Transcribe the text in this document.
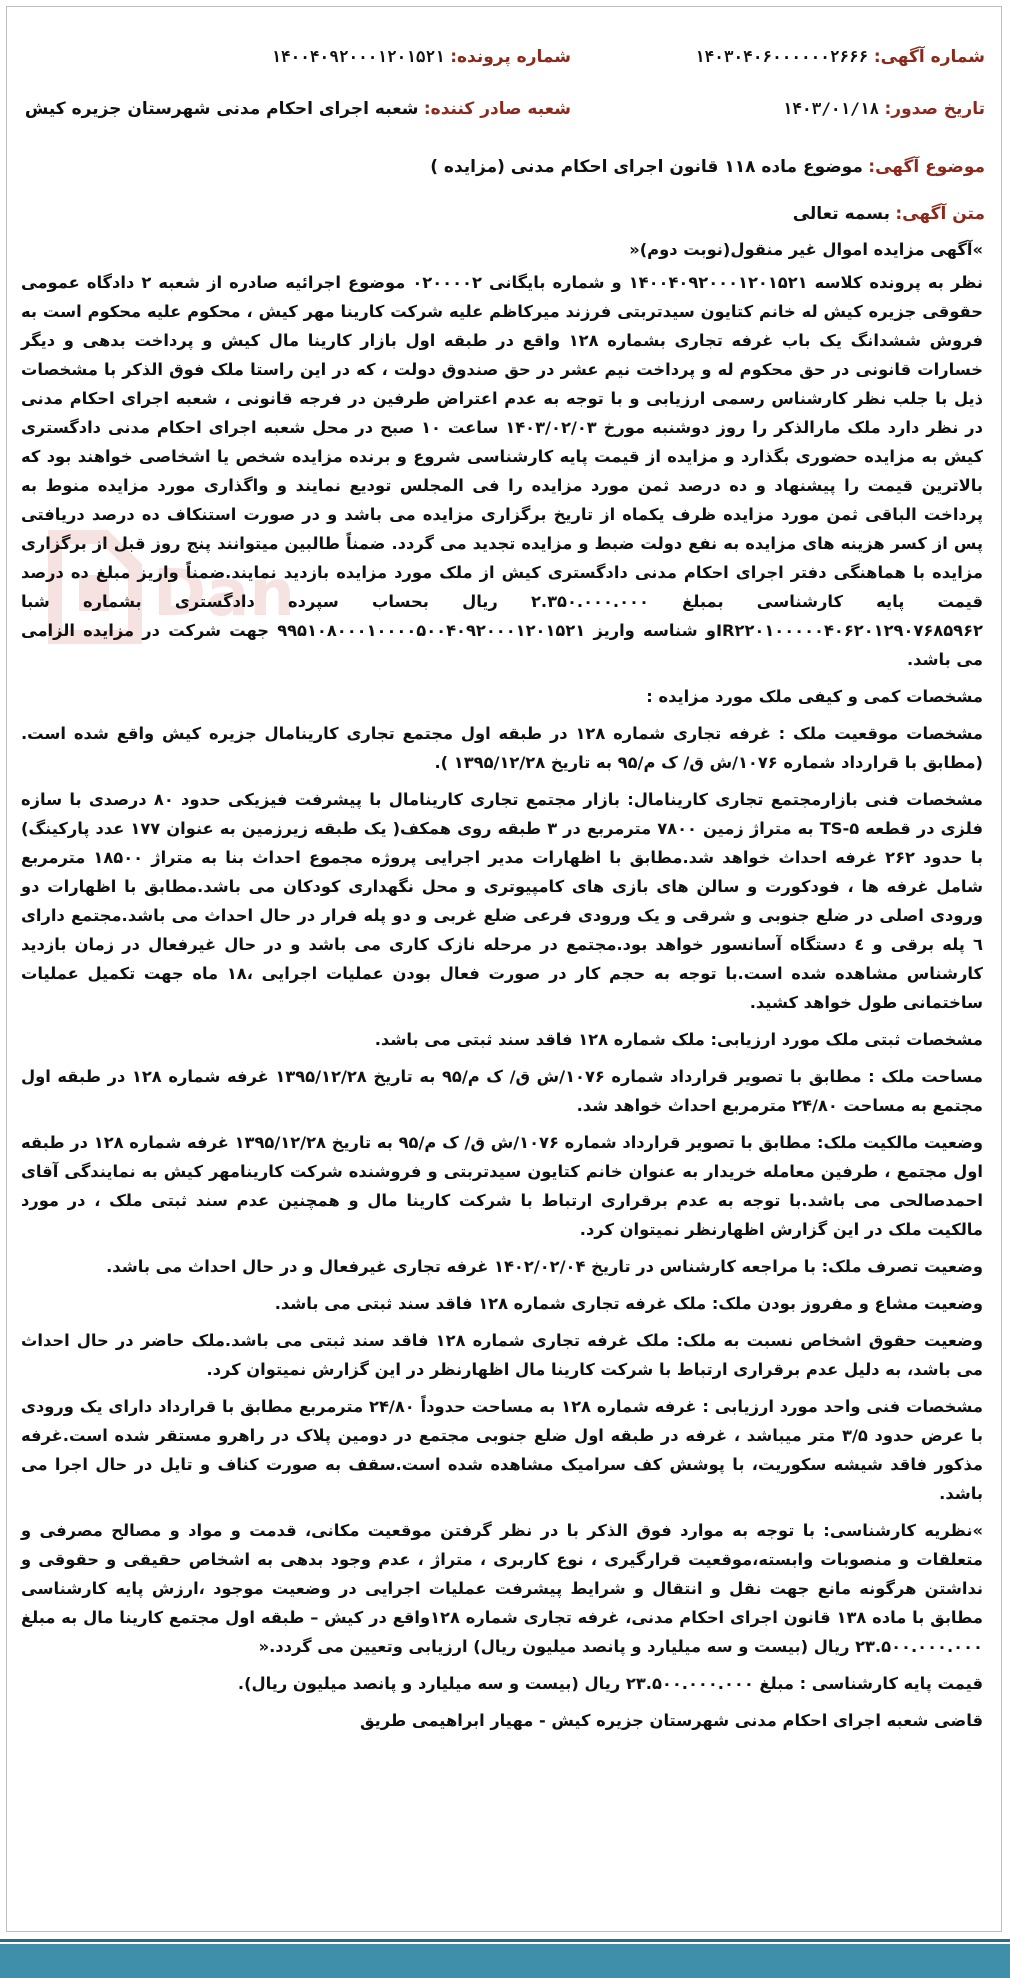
Dan
شماره آگهی: ۱۴۰۳۰۴۰۶۰۰۰۰۰۰۲۶۶۶
شماره پرونده: ۱۴۰۰۴۰۹۲۰۰۰۱۲۰۱۵۲۱
تاریخ صدور: ۱۴۰۳/۰۱/۱۸
شعبه صادر کننده: شعبه اجرای احکام مدنی شهرستان جزیره کیش
موضوع آگهی: موضوع ماده ۱۱۸ قانون اجرای احکام مدنی (مزایده )
متن آگهی: بسمه تعالی

»آگهی مزایده اموال غیر منقول(نوبت دوم)«

نظر به پرونده کلاسه ۱۴۰۰۴۰۹۲۰۰۰۱۲۰۱۵۲۱ و شماره بایگانی ۰۲۰۰۰۰۲ موضوع اجرائیه صادره از شعبه ۲ دادگاه عمومی حقوقی جزیره کیش له خانم کتایون سیدتربتی فرزند میرکاظم علیه شرکت کارینا مهر کیش ، محکوم علیه محکوم است به فروش ششدانگ یک باب غرفه تجاری بشماره ۱۲۸ واقع در طبقه اول بازار کارینا مال کیش و پرداخت بدهی و دیگر خسارات قانونی در حق محکوم له و پرداخت نیم عشر در حق صندوق دولت ، که در این راستا ملک فوق الذکر با مشخصات ذیل با جلب نظر کارشناس رسمی ارزیابی و با توجه به عدم اعتراض طرفین در فرجه قانونی ، شعبه اجرای احکام مدنی در نظر دارد ملک مارالذکر را روز دوشنبه مورخ ۱۴۰۳/۰۲/۰۳ ساعت ۱۰ صبح در محل شعبه اجرای احکام مدنی دادگستری کیش به مزایده حضوری بگذارد و مزایده از قیمت پایه کارشناسی شروع و برنده مزایده شخص یا اشخاصی خواهند بود که بالاترین قیمت را پیشنهاد و ده درصد ثمن مورد مزایده را فی المجلس تودیع نمایند و واگذاری مورد مزایده منوط به پرداخت الباقی ثمن مورد مزایده ظرف یکماه از تاریخ برگزاری مزایده می باشد و در صورت استنکاف ده درصد دریافتی پس از کسر هزینه های مزایده به نفع دولت ضبط و مزایده تجدید می گردد. ضمناً طالبین میتوانند پنج روز قبل از برگزاری مزایده با هماهنگی دفتر اجرای احکام مدنی دادگستری کیش از ملک مورد مزایده بازدید نمایند.ضمناً واریز مبلغ ده درصد قیمت پایه کارشناسی بمبلغ ۲.۳۵۰.۰۰۰.۰۰۰ ریال بحساب سپرده دادگستری بشماره شبا IR۲۲۰۱۰۰۰۰۰۴۰۶۲۰۱۲۹۰۷۶۸۵۹۶۲و شناسه واریز ۹۹۵۱۰۸۰۰۰۱۰۰۰۰۵۰۰۴۰۹۲۰۰۰۱۲۰۱۵۲۱ جهت شرکت در مزایده الزامی می باشد.

مشخصات کمی و کیفی ملک مورد مزایده :

مشخصات موقعیت ملک : غرفه تجاری شماره ۱۲۸ در طبقه اول مجتمع تجاری کارینامال جزیره کیش واقع شده است.(مطابق با قرارداد شماره ۱۰۷۶/ش ق/ ک م/۹۵ به تاریخ ۱۳۹۵/۱۲/۲۸ ).

مشخصات فنی بازارمجتمع تجاری کارینامال: بازار مجتمع تجاری کارینامال با پیشرفت فیزیکی حدود ۸۰ درصدی با سازه فلزی در قطعه TS-۵ به متراژ زمین ۷۸۰۰ مترمربع در ۳ طبقه روی همکف( یک طبقه زیرزمین به عنوان ۱۷۷ عدد پارکینگ) با حدود ۲۶۲ غرفه احداث خواهد شد.مطابق با اظهارات مدیر اجرایی پروژه مجموع احداث بنا به متراژ ۱۸۵۰۰ مترمربع شامل غرفه ها ، فودکورت و سالن های بازی های کامپیوتری و محل نگهداری کودکان می باشد.مطابق با اظهارات دو ورودی اصلی در ضلع جنوبی و شرقی و یک ورودی فرعی ضلع غربی و دو پله فرار در حال احداث می باشد.مجتمع دارای ٦ پله برقی و ٤ دستگاه آسانسور خواهد بود.مجتمع در مرحله نازک کاری می باشد و در حال غیرفعال در زمان بازدید کارشناس مشاهده شده است.با توجه به حجم کار در صورت فعال بودن عملیات اجرایی ،۱۸ ماه جهت تکمیل عملیات ساختمانی طول خواهد کشید.

مشخصات ثبتی ملک مورد ارزیابی: ملک شماره ۱۲۸ فاقد سند ثبتی می باشد.

مساحت ملک : مطابق با تصویر قرارداد شماره ۱۰۷۶/ش ق/ ک م/۹۵ به تاریخ ۱۳۹۵/۱۲/۲۸ غرفه شماره ۱۲۸ در طبقه اول مجتمع به مساحت ۲۴/۸۰ مترمربع احداث خواهد شد.

وضعیت مالکیت ملک: مطابق با تصویر قرارداد شماره ۱۰۷۶/ش ق/ ک م/۹۵ به تاریخ ۱۳۹۵/۱۲/۲۸ غرفه شماره ۱۲۸ در طبقه اول مجتمع ، طرفین معامله خریدار به عنوان خانم کتایون سیدتربتی و فروشنده شرکت کارینامهر کیش به نمایندگی آقای احمدصالحی می باشد.با توجه به عدم برقراری ارتباط با شرکت کارینا مال و همچنین عدم سند ثبتی ملک ، در مورد مالکیت ملک در این گزارش اظهارنظر نمیتوان کرد.

وضعیت تصرف ملک: با مراجعه کارشناس در تاریخ ۱۴۰۲/۰۲/۰۴ غرفه تجاری غیرفعال و در حال احداث می باشد.

وضعیت مشاع و مفروز بودن ملک: ملک غرفه تجاری شماره ۱۲۸ فاقد سند ثبتی می باشد.

وضعیت حقوق اشخاص نسبت به ملک: ملک غرفه تجاری شماره ۱۲۸ فاقد سند ثبتی می باشد.ملک حاضر در حال احداث می باشد، به دلیل عدم برقراری ارتباط با شرکت کارینا مال اظهارنظر در این گزارش نمیتوان کرد.

مشخصات فنی واحد مورد ارزیابی : غرفه شماره ۱۲۸ به مساحت حدوداً ۲۴/۸۰ مترمربع مطابق با قرارداد دارای یک ورودی با عرض حدود ۳/۵ متر میباشد ، غرفه در طبقه اول ضلع جنوبی مجتمع در دومین پلاک در راهرو مستقر شده است.غرفه مذکور فاقد شیشه سکوریت، با پوشش کف سرامیک مشاهده شده است.سقف به صورت کناف و تایل در حال اجرا می باشد.

»نظریه کارشناسی: با توجه به موارد فوق الذکر با در نظر گرفتن موقعیت مکانی، قدمت و مواد و مصالح مصرفی و متعلقات و منصوبات وابسته،موقعیت قرارگیری ، نوع کاربری ، متراژ ، عدم وجود بدهی به اشخاص حقیقی و حقوقی و نداشتن هرگونه مانع جهت نقل و انتقال و شرایط پیشرفت عملیات اجرایی در وضعیت موجود ،ارزش پایه کارشناسی مطابق با ماده ۱۳۸ قانون اجرای احکام مدنی، غرفه تجاری شماره ۱۲۸واقع در کیش – طبقه اول مجتمع کارینا مال به مبلغ ۲۳.۵۰۰.۰۰۰.۰۰۰ ریال (بیست و سه میلیارد و پانصد میلیون ریال) ارزیابی وتعیین می گردد.«

قیمت پایه کارشناسی : مبلغ ۲۳.۵۰۰.۰۰۰.۰۰۰ ریال (بیست و سه میلیارد و پانصد میلیون ریال).

قاضی شعبه اجرای احکام مدنی شهرستان جزیره کیش - مهیار ابراهیمی طریق
